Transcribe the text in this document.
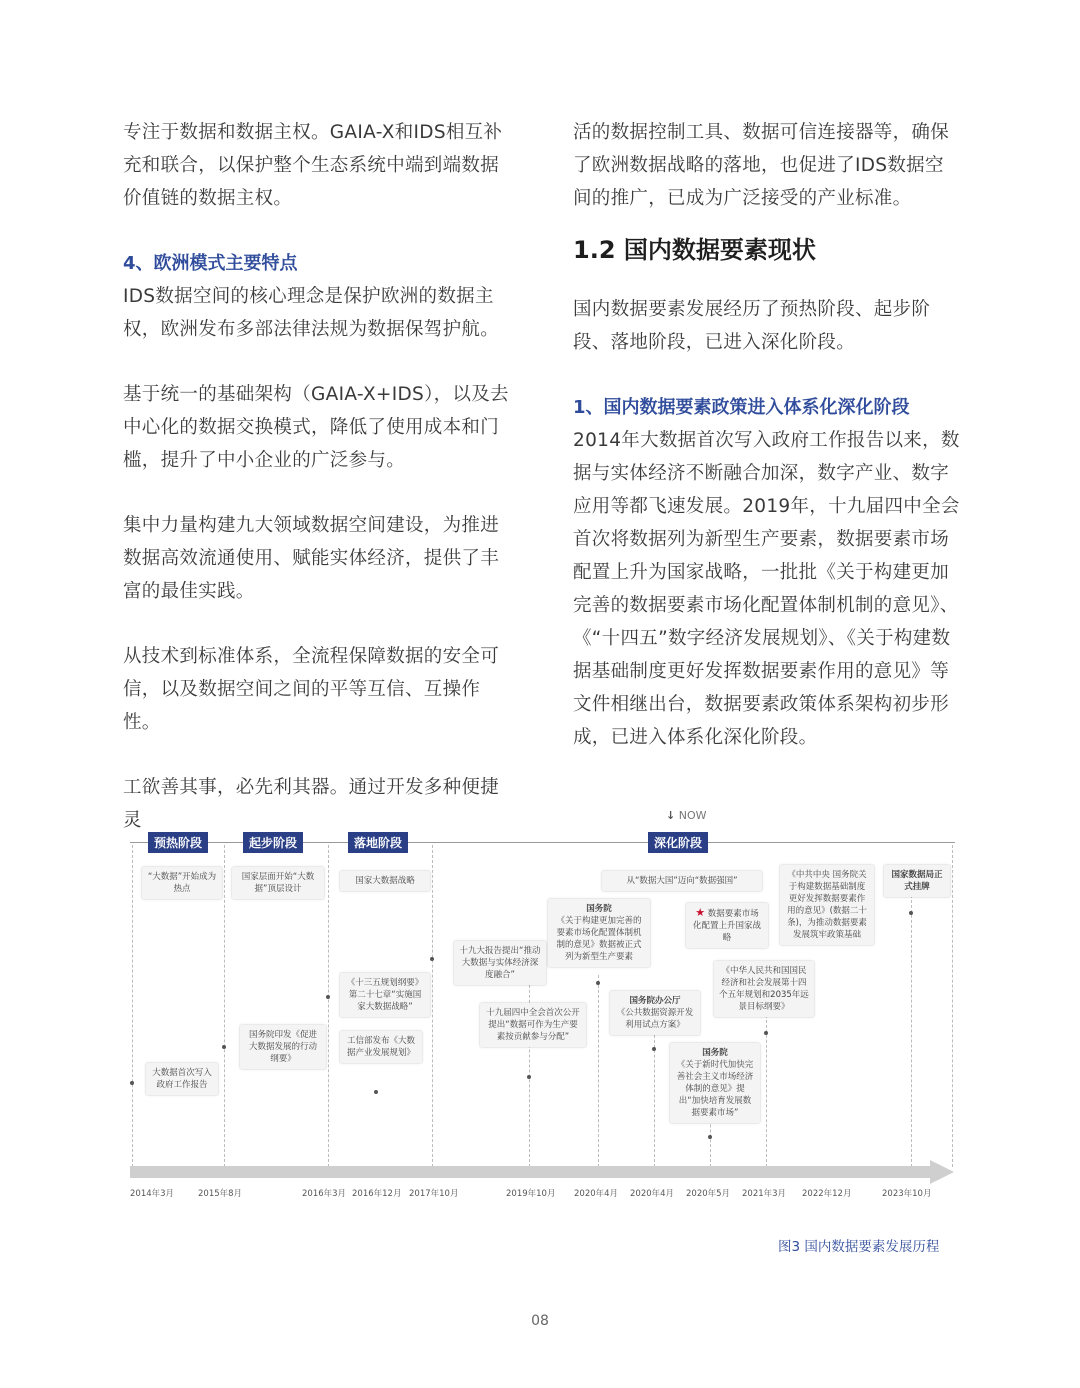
专注于数据和数据主权。GAIA-X和IDS相互补充和联合，以保护整个生态系统中端到端数据价值链的数据主权。

4、欧洲模式主要特点

IDS数据空间的核心理念是保护欧洲的数据主权，欧洲发布多部法律法规为数据保驾护航。

基于统一的基础架构（GAIA-X+IDS），以及去中心化的数据交换模式，降低了使用成本和门槛，提升了中小企业的广泛参与。

集中力量构建九大领域数据空间建设，为推进数据高效流通使用、赋能实体经济，提供了丰富的最佳实践。

从技术到标准体系，全流程保障数据的安全可信，以及数据空间之间的平等互信、互操作性。

工欲善其事，必先利其器。通过开发多种便捷灵

活的数据控制工具、数据可信连接器等，确保了欧洲数据战略的落地，也促进了IDS数据空间的推广，已成为广泛接受的产业标准。

1.2 国内数据要素现状

国内数据要素发展经历了预热阶段、起步阶段、落地阶段，已进入深化阶段。

1、国内数据要素政策进入体系化深化阶段

2014年大数据首次写入政府工作报告以来，数据与实体经济不断融合加深，数字产业、数字应用等都飞速发展。2019年，十九届四中全会首次将数据列为新型生产要素，数据要素市场配置上升为国家战略，一批批《关于构建更加完善的数据要素市场化配置体制机制的意见》、《“十四五”数字经济发展规划》、《关于构建数据基础制度更好发挥数据要素作用的意见》等文件相继出台，数据要素政策体系架构初步形成，已进入体系化深化阶段。

↓ NOW
预热阶段	起步阶段	落地阶段	深化阶段
“大数据”开始成为热点
国家层面开始“大数据”顶层设计
国家大数据战略	从“数据大国”迈向“数据强国”
大数据首次写入政府工作报告
国务院印发《促进大数据发展的行动纲要》
《十三五规划纲要》第二十七章“实施国家大数据战略”
工信部发布《大数据产业发展规划》
十九大报告提出“推动大数据与实体经济深度融合”
十九届四中全会首次公开提出“数据可作为生产要素按贡献参与分配”
国务院
《关于构建更加完善的要素市场化配置体制机制的意见》数据被正式列为新型生产要素
★ 数据要素市场化配置上升国家战略
国务院办公厅
《公共数据资源开发利用试点方案》
国务院
《关于新时代加快完善社会主义市场经济体制的意见》提出“加快培育发展数据要素市场”
《中华人民共和国国民经济和社会发展第十四个五年规划和2035年远景目标纲要》
《中共中央 国务院关于构建数据基础制度更好发挥数据要素作用的意见》(数据二十条)，为推动数据要素发展筑牢政策基础
国家数据局正式挂牌
2014年3月	2015年8月	2016年3月 2016年12月 2017年10月	2019年10月 2020年4月 2020年4月 2020年5月 2021年3月 2022年12月	2023年10月
图3 国内数据要素发展历程
08
